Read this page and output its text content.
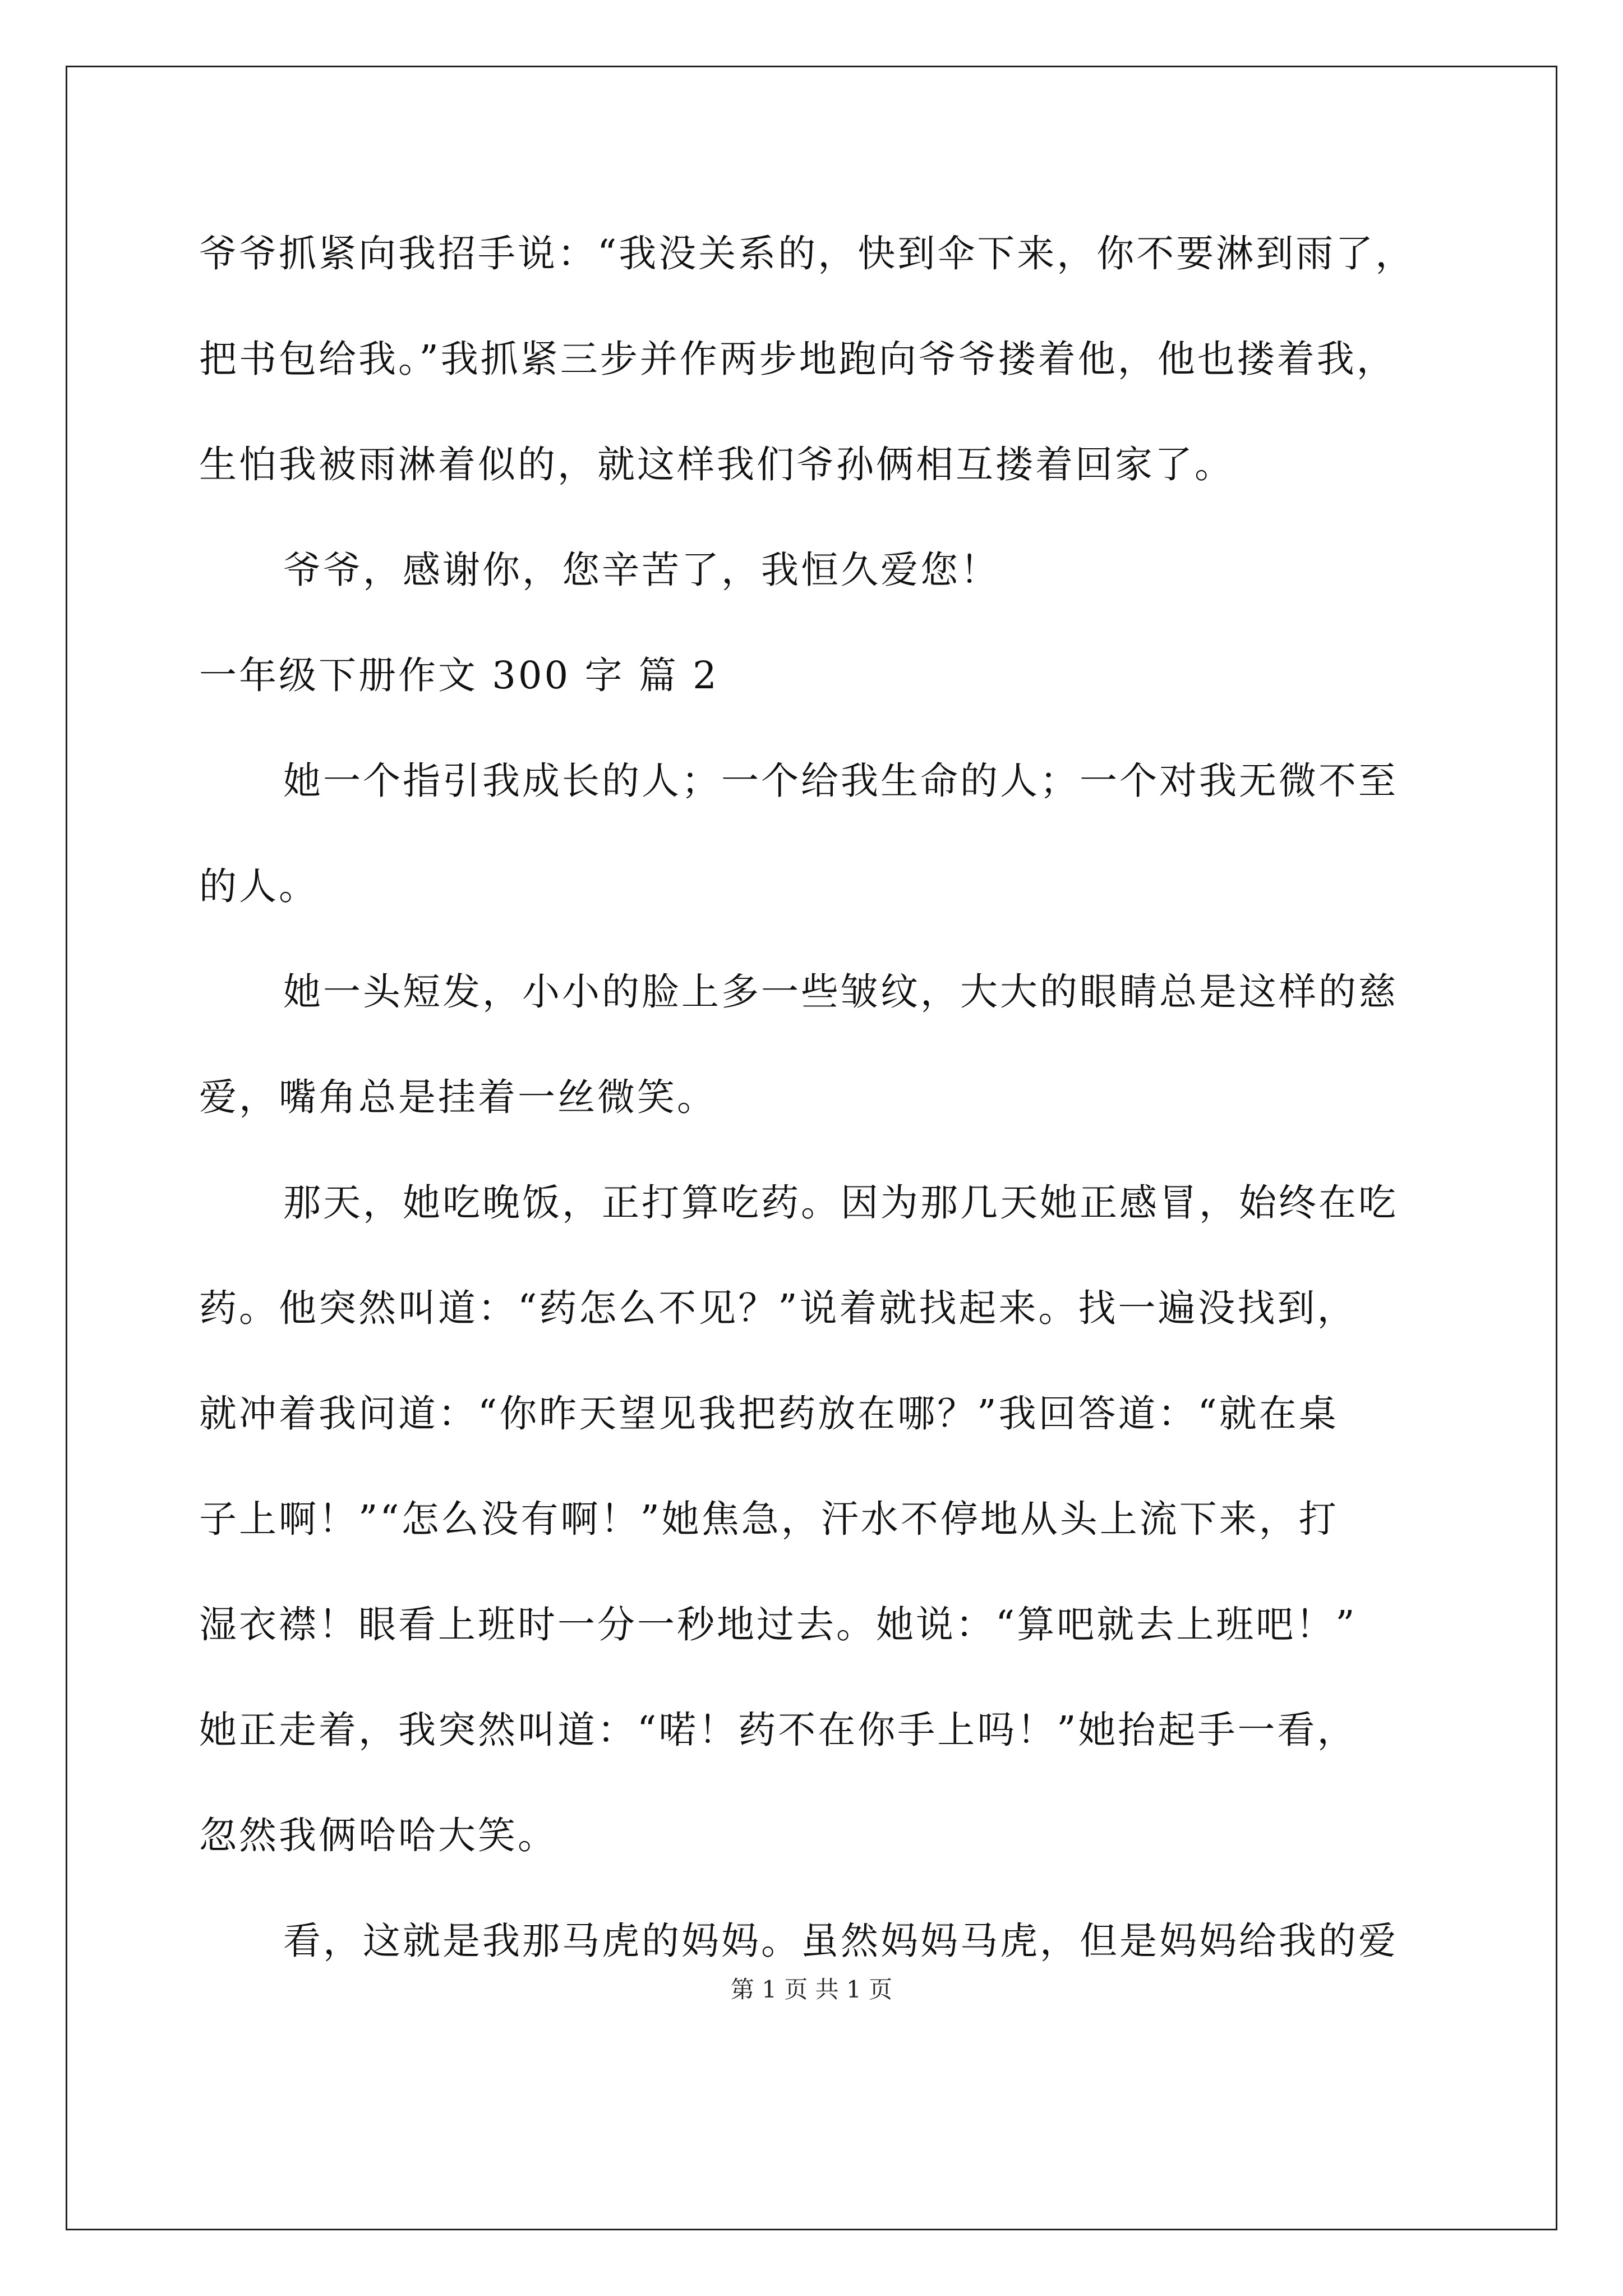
爷爷抓紧向我招手说：“我没关系的，快到伞下来，你不要淋到雨了，
把书包给我。”我抓紧三步并作两步地跑向爷爷搂着他，他也搂着我，
生怕我被雨淋着似的，就这样我们爷孙俩相互搂着回家了。
爷爷，感谢你，您辛苦了，我恒久爱您！
一年级下册作文 300 字 篇 2
她一个指引我成长的人；一个给我生命的人；一个对我无微不至
的人。
她一头短发，小小的脸上多一些皱纹，大大的眼睛总是这样的慈
爱，嘴角总是挂着一丝微笑。
那天，她吃晚饭，正打算吃药。因为那几天她正感冒，始终在吃
药。他突然叫道：“药怎么不见？”说着就找起来。找一遍没找到，
就冲着我问道：“你昨天望见我把药放在哪？”我回答道：“就在桌
子上啊！”“怎么没有啊！”她焦急，汗水不停地从头上流下来，打
湿衣襟！眼看上班时一分一秒地过去。她说：“算吧就去上班吧！”
她正走着，我突然叫道：“喏！药不在你手上吗！”她抬起手一看，
忽然我俩哈哈大笑。
看，这就是我那马虎的妈妈。虽然妈妈马虎，但是妈妈给我的爱
第 1 页 共 1 页
